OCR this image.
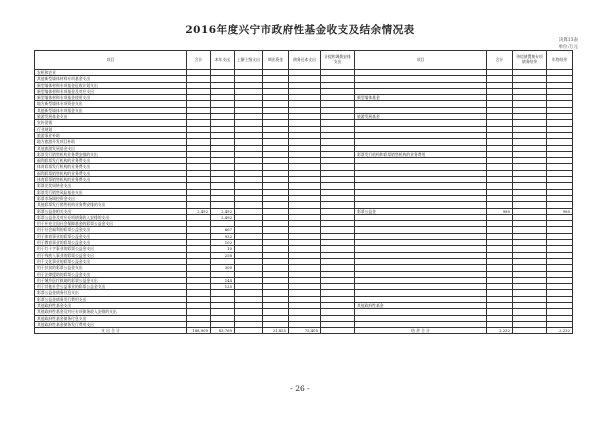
2016年度兴宁市政府性基金收支及结余情况表
决算13表
单位:万元
项目	合计	本年支出	上解上级支出	调出资金	债务还本支出	计提和调拨安排支出	项目	合计	待偿债置换专项债务结余	年终结余
农机和农业										
其他新型墙体材料专项基金支出										
新型墙体材料专项基金征收计划支出										
新型墙体材料专项基金及对应支出										
新型墙体材料专项基金使用支出							新型墙体基金			
地方新型墙体专项资金支出										
其他新型墙体专项基金支出										
旅游发展基金支出							旅游发展基金			
宣传促销										
行业规划										
旅游事业补助										
地方旅游开发项目补助										
其他旅游发展基金支出										
彩票发行销售机构业务费安排的支出							彩票发行机构和彩票销售机构的业务费用			
福利彩票发行机构的业务费支出										
体育彩票发行机构的业务费支出										
福利彩票销售机构的业务费支出										
体育彩票销售机构的业务费支出										
彩票兑奖周转金支出										
彩票发行销售风险基金支出										
彩票市场调控资金支出										
其他彩票发行销售机构业务费安排的支出										
彩票公益金相关支出	2,492	2,492					彩票公益金	980		980
彩票公益金及对应专项债务收入安排的支出		2,492								
用于补充全国社会保障基金的彩票公益金支出										
用于社会福利的彩票公益金支出		667								
用于体育事业的彩票公益金支出		932								
用于教育事业的彩票公益金支出		102								
用于红十字事业的彩票公益金支出		10								
用于残疾人事业的彩票公益金支出		258								
用于文化事业的彩票公益金支出										
用于扶贫的彩票公益金支出		300								
用于法律援助的彩票公益金支出										
用于城乡医疗救助的彩票公益金支出		144								
用于其他社会公益事业的彩票公益金支出		125								
彩票公益金债务付息支出										
彩票公益金债务发行费用支出										
其他政府性基金支出							其他政府性基金			
其他政府性基金及对应专项债务收入安排的支出										
其他政府性基金债务付息支出										
其他政府性基金债务发行费用支出										
支 出 合 计	188,909	83,769		21,855	75,405		结 余 合 计	2,232		2,232
- 26 -
